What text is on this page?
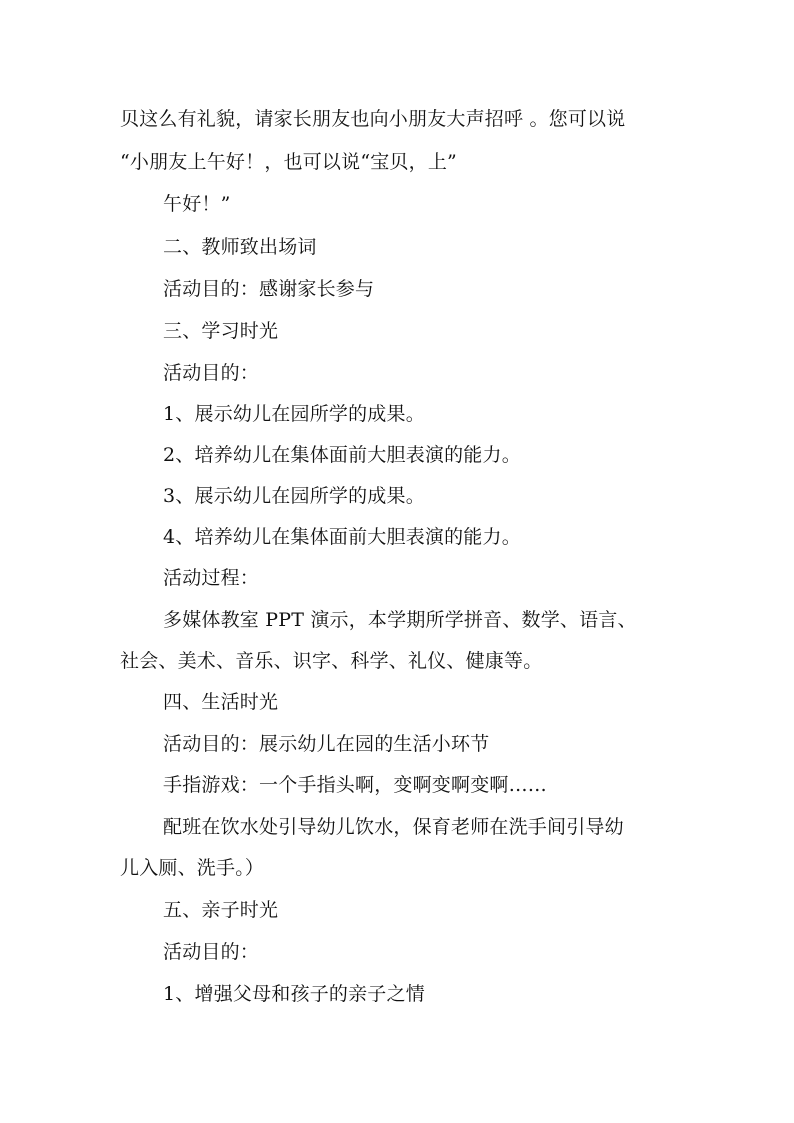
贝这么有礼貌，请家长朋友也向小朋友大声招呼 。您可以说
“小朋友上午好！，也可以说“宝贝，上”
午好！”
二、教师致出场词
活动目的：感谢家长参与
三、学习时光
活动目的：
1、展示幼儿在园所学的成果。
2、培养幼儿在集体面前大胆表演的能力。
3、展示幼儿在园所学的成果。
4、培养幼儿在集体面前大胆表演的能力。
活动过程：
多媒体教室 PPT 演示，本学期所学拼音、数学、语言、
社会、美术、音乐、识字、科学、礼仪、健康等。
四、生活时光
活动目的：展示幼儿在园的生活小环节
手指游戏：一个手指头啊，变啊变啊变啊……
配班在饮水处引导幼儿饮水，保育老师在洗手间引导幼
儿入厕、洗手。）
五、亲子时光
活动目的：
1、增强父母和孩子的亲子之情
